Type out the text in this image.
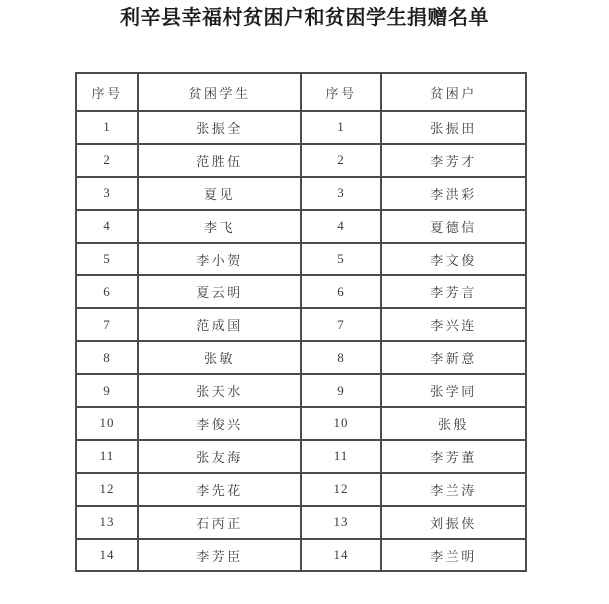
利辛县幸福村贫困户和贫困学生捐赠名单
序号	贫困学生	序号	贫困户
1	张振全	1	张振田
2	范胜伍	2	李芳才
3	夏见	3	李洪彩
4	李飞	4	夏德信
5	李小贺	5	李文俊
6	夏云明	6	李芳言
7	范成国	7	李兴连
8	张敏	8	李新意
9	张天水	9	张学同
10	李俊兴	10	张般
11	张友海	11	李芳董
12	李先花	12	李兰涛
13	石丙正	13	刘振侠
14	李芳臣	14	李兰明
